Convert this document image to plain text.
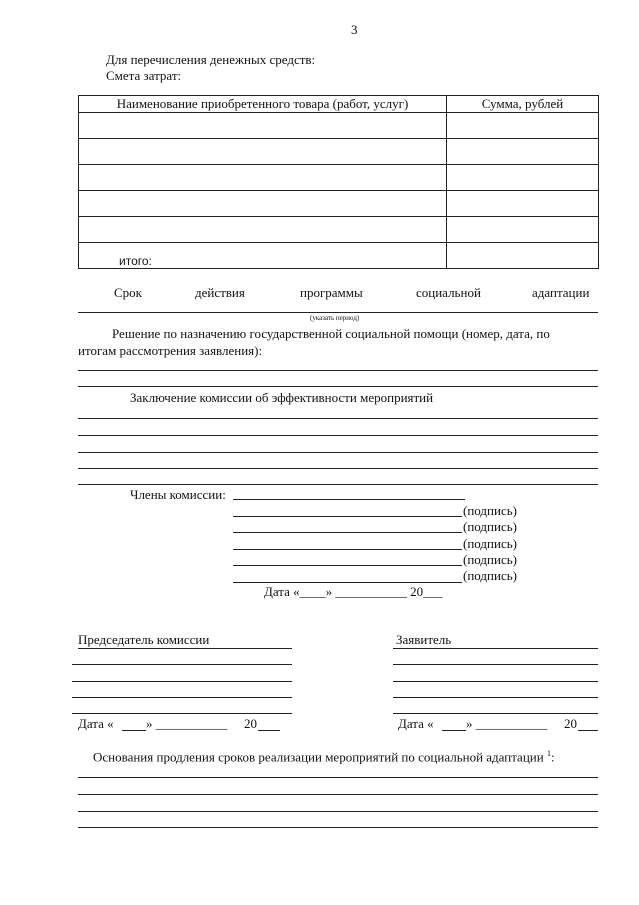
3
Для перечисления денежных средств:
Смета затрат:
Наименование приобретенного товара (работ, услуг)	Сумма, рублей

итого:	
Срок	действия	программы	социальной	адаптации
(указать период)
Решение по назначению государственной социальной помощи (номер, дата, по
итогам рассмотрения заявления):
Заключение комиссии об эффективности мероприятий
Члены комиссии:
(подпись)
(подпись)
(подпись)
(подпись)
(подпись)
Дата «____» ___________ 20___
Председатель комиссии
Дата « » ___________ 20
Заявитель
Дата « » ___________ 20
Основания продления сроков реализации мероприятий по социальной адаптации $^1$:
